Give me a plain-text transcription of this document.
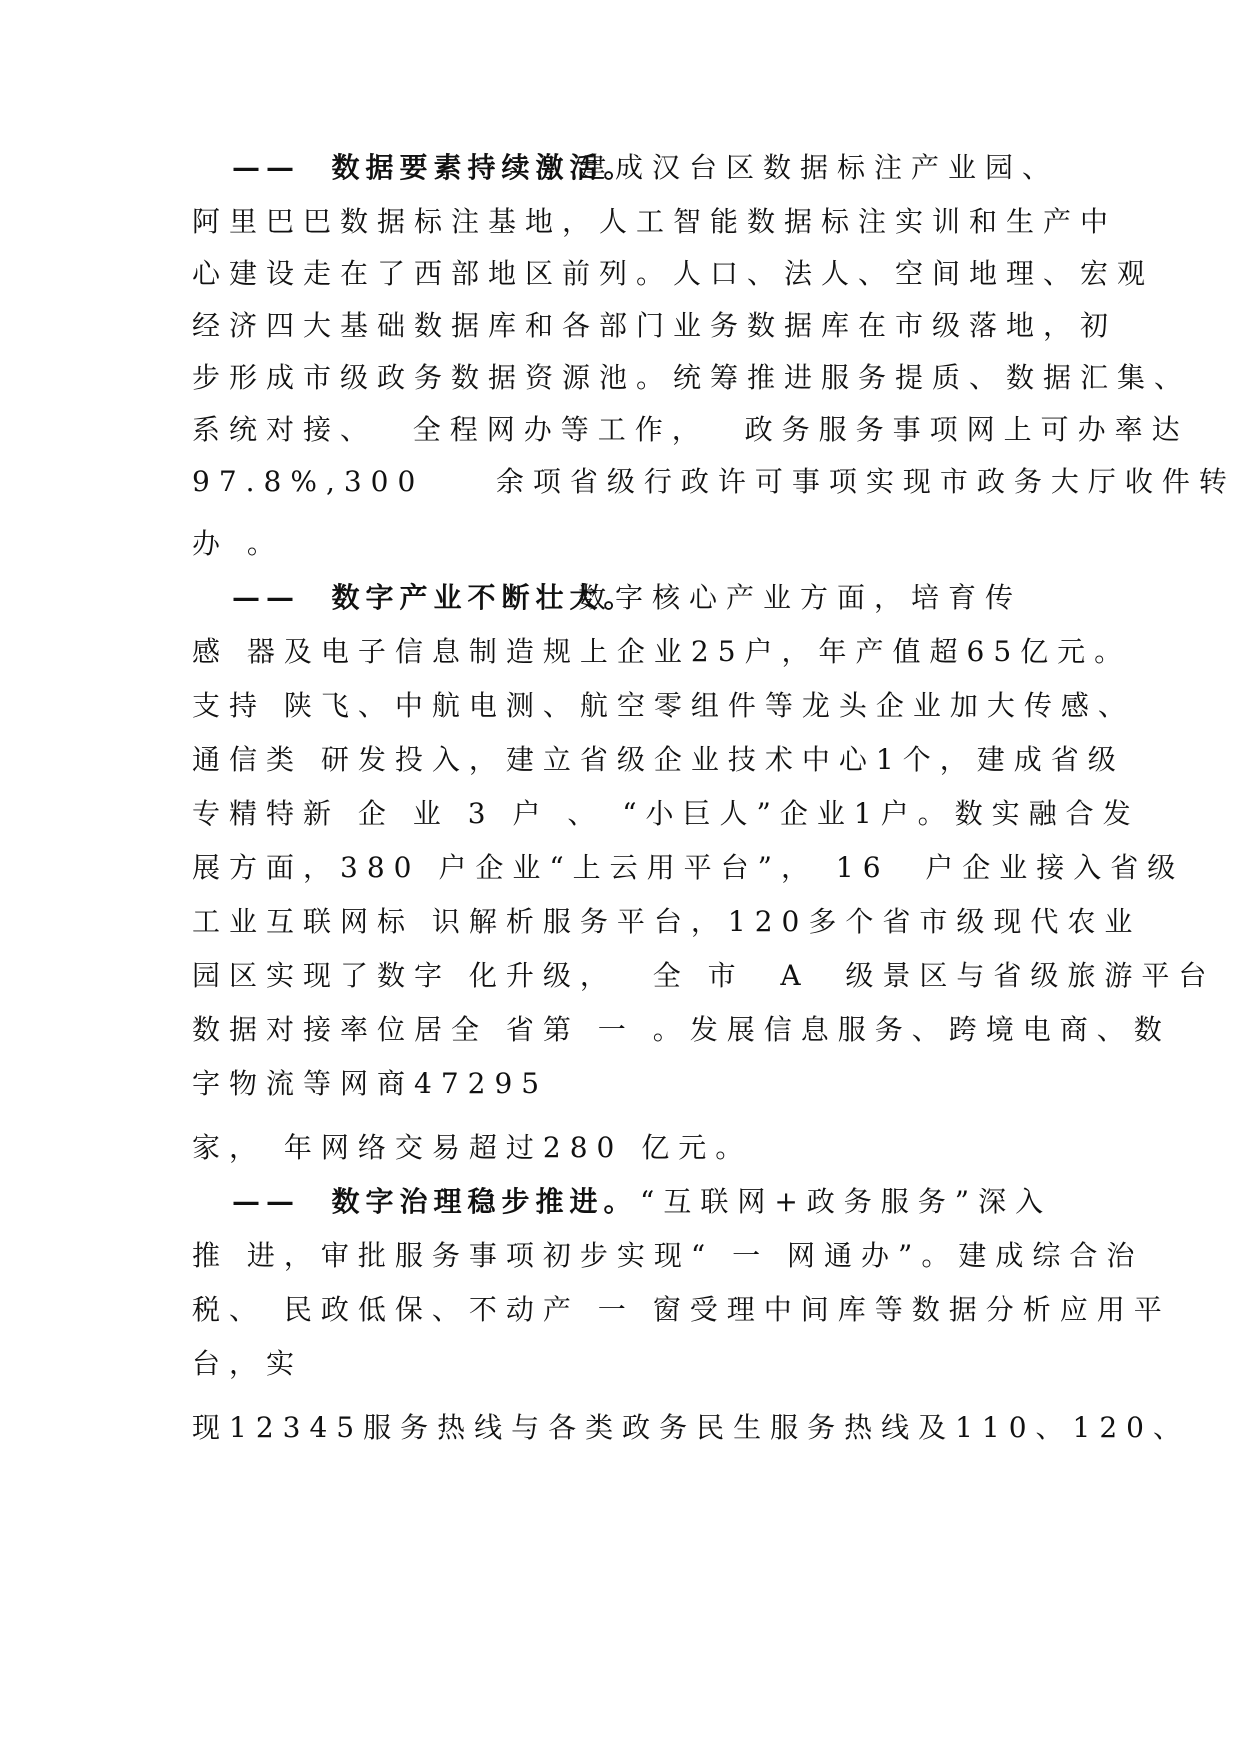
——  数据要素持续激活。
建成汉台区数据标注产业园、
阿里巴巴数据标注基地，人工智能数据标注实训和生产中
心建设走在了西部地区前列。人口、法人、空间地理、宏观
经济四大基础数据库和各部门业务数据库在市级落地，初
步形成市级政务数据资源池。统筹推进服务提质、数据汇集、
系统对接、  全程网办等工作，  政务服务事项网上可办率达
97.8%,300    余项省级行政许可事项实现市政务大厅收件转
办 。
——  数字产业不断壮大。
数字核心产业方面，培育传
感 器及电子信息制造规上企业25户，年产值超65亿元。
支持 陕飞、中航电测、航空零组件等龙头企业加大传感、
通信类 研发投入，建立省级企业技术中心1个，建成省级
专精特新 企 业 3 户 、 “小巨人”企业1户。数实融合发
展方面，380 户企业“上云用平台”， 16  户企业接入省级
工业互联网标 识解析服务平台，120多个省市级现代农业
园区实现了数字 化升级，  全 市  A  级景区与省级旅游平台
数据对接率位居全 省第 一 。发展信息服务、跨境电商、数
字物流等网商47295
家， 年网络交易超过280 亿元。
——  数字治理稳步推进。 “互联网+政务服务”深入
推 进，审批服务事项初步实现“ 一 网通办”。建成综合治
税、 民政低保、不动产 一 窗受理中间库等数据分析应用平
台，实
现12345服务热线与各类政务民生服务热线及110、120、
